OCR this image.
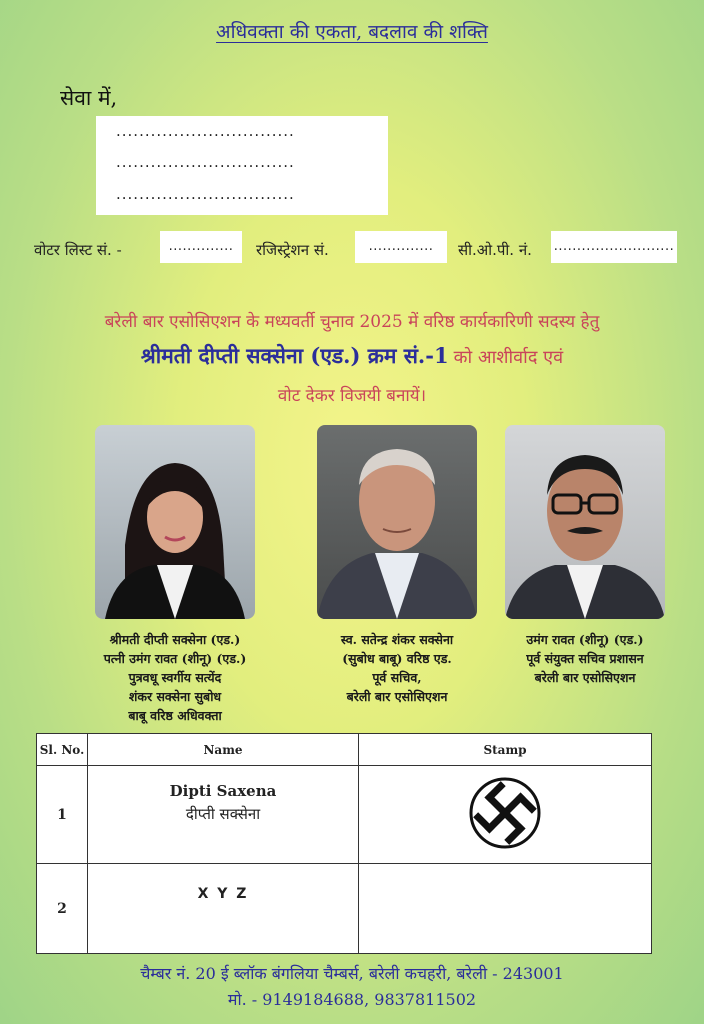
अधिवक्ता की एकता, बदलाव की शक्ति
सेवा में,
...............................
...............................
...............................
वोटर लिस्ट सं. -	..............	रजिस्ट्रेशन सं.	..............	सी.ओ.पी. नं. ..........................
बरेली बार एसोसिएशन के मध्यवर्ती चुनाव 2025 में वरिष्ठ कार्यकारिणी सदस्य हेतु
श्रीमती दीप्ती सक्सेना (एड.) क्रम सं.-1 को आशीर्वाद एवं
वोट देकर विजयी बनायें।
श्रीमती दीप्ती सक्सेना (एड.)
पत्नी उमंग रावत (शीनू) (एड.)
पुत्रवधू स्वर्गीय सत्येंद
शंकर सक्सेना सुबोध
बाबू वरिष्ठ अधिवक्ता
स्व. सतेन्द्र शंकर सक्सेना
(सुबोध बाबू) वरिष्ठ एड.
पूर्व सचिव,
बरेली बार एसोसिएशन
उमंग रावत (शीनू) (एड.)
पूर्व संयुक्त सचिव प्रशासन
बरेली बार एसोसिएशन
Sl. No.	Name	Stamp
1	Dipti Saxena
दीप्ती सक्सेना

2	X Y Z	

चैम्बर नं. 20 ई ब्लॉक बंगलिया चैम्बर्स, बरेली कचहरी, बरेली - 243001
मो. - 9149184688, 9837811502
